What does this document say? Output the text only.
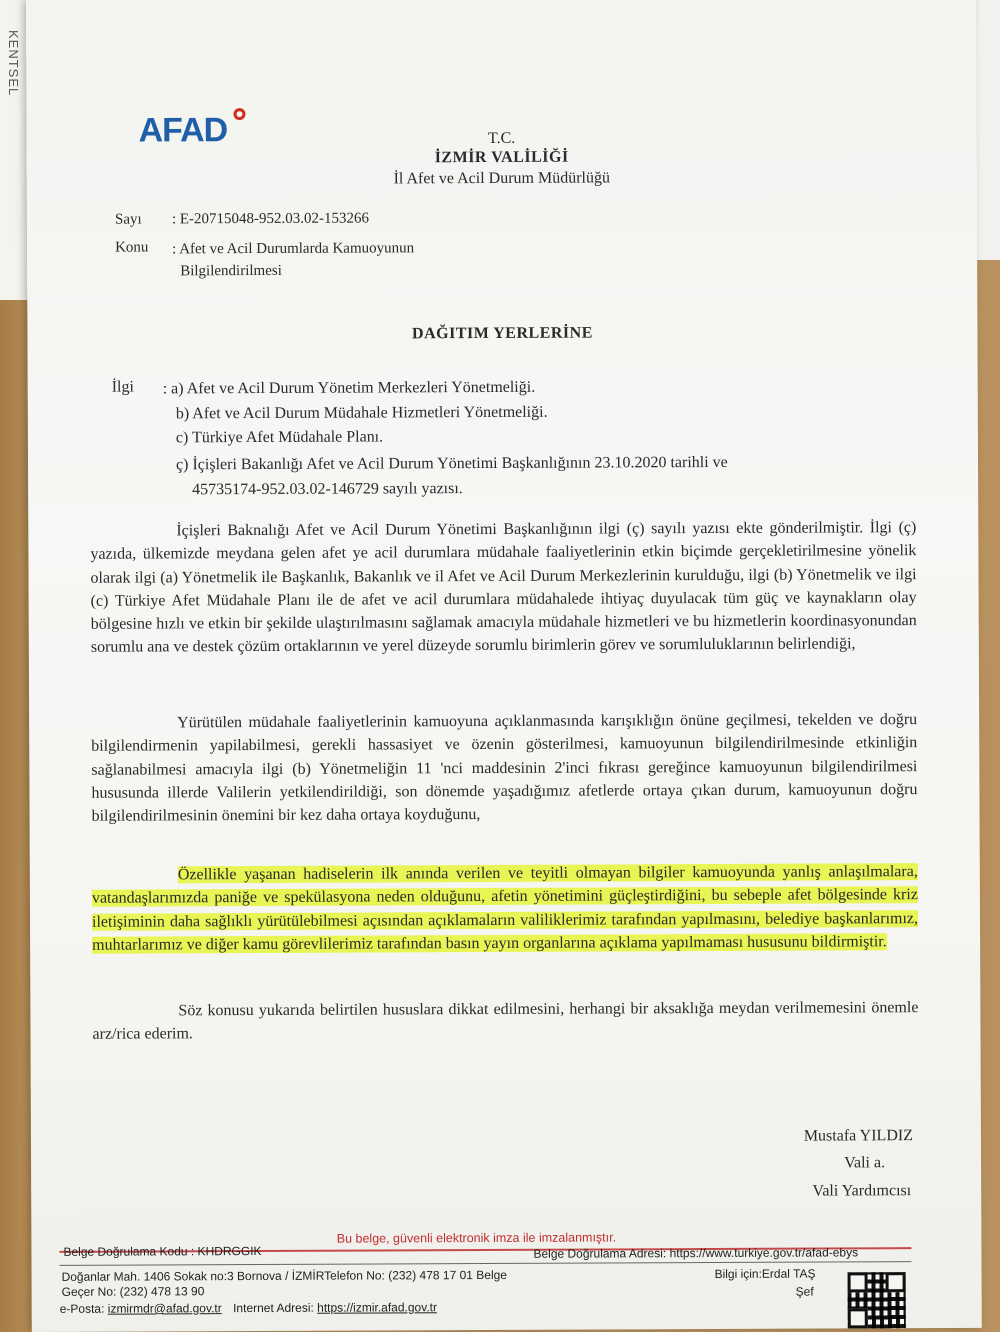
KENTSEL
AFAD	T.C.
İZMİR VALİLİĞİ
İl Afet ve Acil Durum Müdürlüğü
Sayı : E-20715048-952.03.02-153266
Konu : Afet ve Acil Durumlarda Kamuoyunun
Bilgilendirilmesi
DAĞITIM YERLERİNE
İlgi : a) Afet ve Acil Durum Yönetim Merkezleri Yönetmeliği.
b) Afet ve Acil Durum Müdahale Hizmetleri Yönetmeliği.
c) Türkiye Afet Müdahale Planı.
ç) İçişleri Bakanlığı Afet ve Acil Durum Yönetimi Başkanlığının 23.10.2020 tarihli ve
45735174-952.03.02-146729 sayılı yazısı.

İçişleri Baknalığı Afet ve Acil Durum Yönetimi Başkanlığının ilgi (ç) sayılı yazısı ekte gönderilmiştir. İlgi (ç) yazıda, ülkemizde meydana gelen afet ye acil durumlara müdahale faaliyetlerinin etkin biçimde gerçekletirilmesine yönelik olarak ilgi (a) Yönetmelik ile Başkanlık, Bakanlık ve il Afet ve Acil Durum Merkezlerinin kurulduğu, ilgi (b) Yönetmelik ve ilgi (c) Türkiye Afet Müdahale Planı ile de afet ve acil durumlara müdahalede ihtiyaç duyulacak tüm güç ve kaynakların olay bölgesine hızlı ve etkin bir şekilde ulaştırılmasını sağlamak amacıyla müdahale hizmetleri ve bu hizmetlerin koordinasyonundan sorumlu ana ve destek çözüm ortaklarının ve yerel düzeyde sorumlu birimlerin görev ve sorumluluklarının belirlendiği,

Yürütülen müdahale faaliyetlerinin kamuoyuna açıklanmasında karışıklığın önüne geçilmesi, tekelden ve doğru bilgilendirmenin yapilabilmesi, gerekli hassasiyet ve özenin gösterilmesi, kamuoyunun bilgilendirilmesinde etkinliğin sağlanabilmesi amacıyla ilgi (b) Yönetmeliğin 11 'nci maddesinin 2'inci fıkrası gereğince kamuoyunun bilgilendirilmesi hususunda illerde Valilerin yetkilendirildiği, son dönemde yaşadığımız afetlerde ortaya çıkan durum, kamuoyunun doğru bilgilendirilmesinin önemini bir kez daha ortaya koyduğunu,

Özellikle yaşanan hadiselerin ilk anında verilen ve teyitli olmayan bilgiler kamuoyunda yanlış anlaşılmalara, vatandaşlarımızda paniğe ve spekülasyona neden olduğunu, afetin yönetimini güçleştirdiğini, bu sebeple afet bölgesinde kriz iletişiminin daha sağlıklı yürütülebilmesi açısından açıklamaların valiliklerimiz tarafından yapılmasını, belediye başkanlarımız, muhtarlarımız ve diğer kamu görevlilerimiz tarafından basın yayın organlarına açıklama yapılmaması hususunu bildirmiştir.

Söz konusu yukarıda belirtilen hususlara dikkat edilmesini, herhangi bir aksaklığa meydan verilmemesini önemle arz/rica ederim.

Mustafa YILDIZ
Vali a.
Vali Yardımcısı
Bu belge, güvenli elektronik imza ile imzalanmıştır.
Belge Doğrulama Kodu : KHDRGGIK	Belge Doğrulama Adresi: https://www.turkiye.gov.tr/afad-ebys
Doğanlar Mah. 1406 Sokak no:3 Bornova / İZMİRTelefon No: (232) 478 17 01 Belge
Geçer No: (232) 478 13 90
e-Posta: izmirmdr@afad.gov.tr Internet Adresi: https://izmir.afad.gov.tr
Bilgi için:Erdal TAŞ
Şef
